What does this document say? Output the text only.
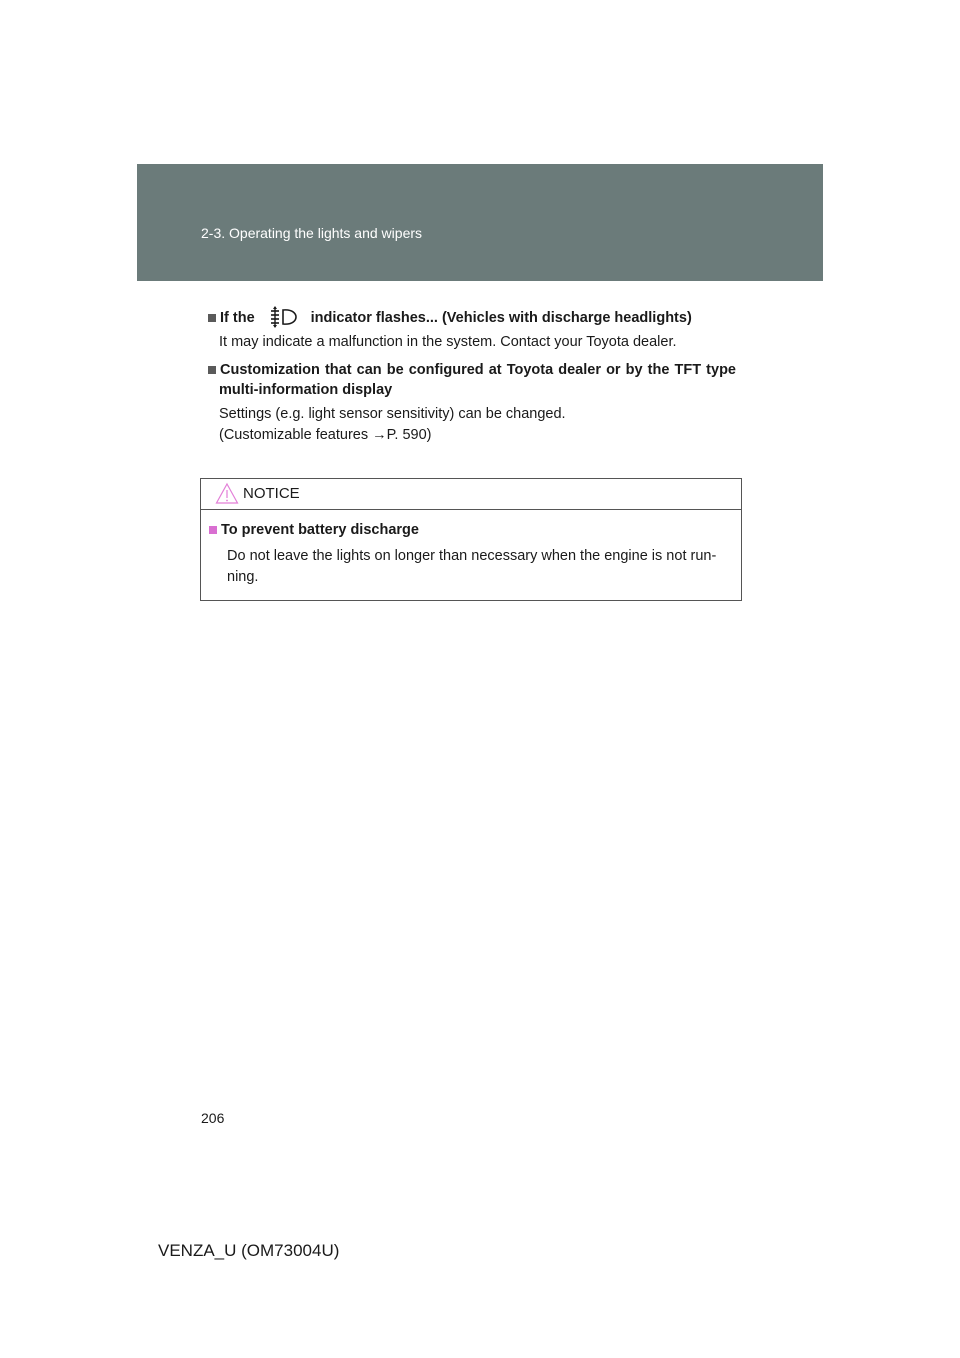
2-3. Operating the lights and wipers

If the	indicator flashes... (Vehicles with discharge headlights)

It may indicate a malfunction in the system. Contact your Toyota dealer.

Customization that can be configured at Toyota dealer or by the TFT type multi-information display

Settings (e.g. light sensor sensitivity) can be changed.
(Customizable features →P. 590)

NOTICE

To prevent battery discharge

Do not leave the lights on longer than necessary when the engine is not run-ning.

206
VENZA_U (OM73004U)
